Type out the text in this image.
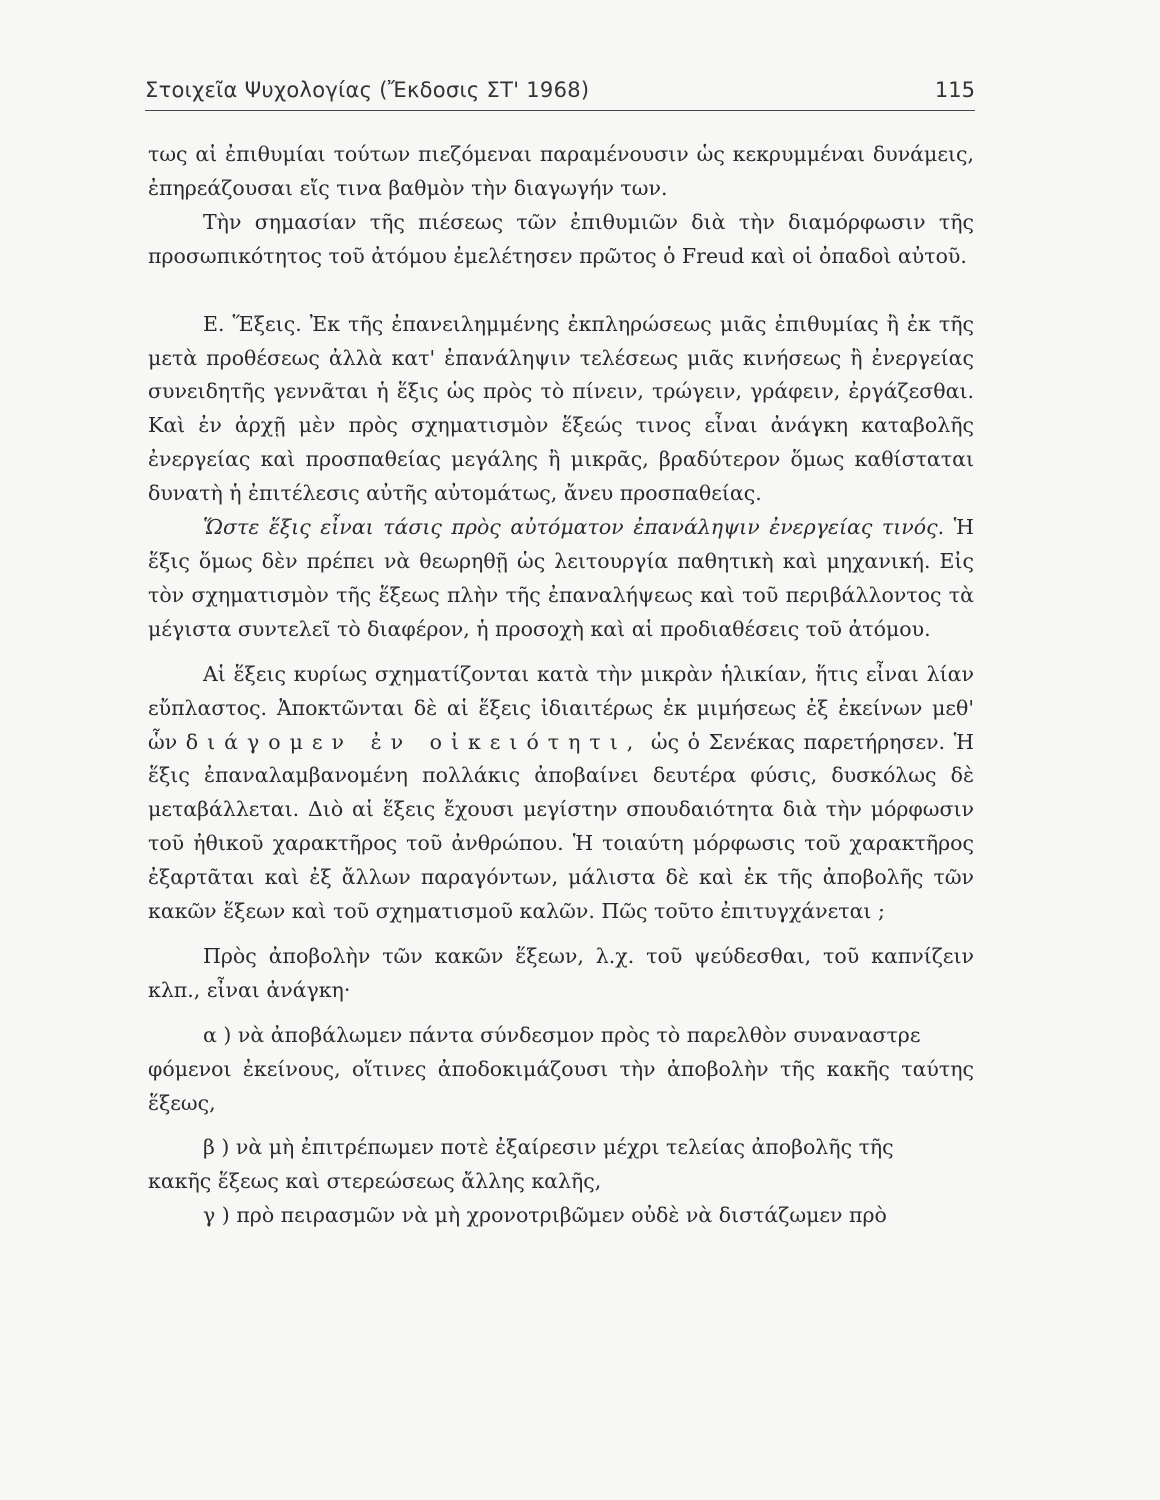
Στοιχεῖα Ψυχολογίας (Ἔκδοσις ΣΤ' 1968)	115

τως αἱ ἐπιθυμίαι τούτων πιεζόμεναι παραμένουσιν ὡς κεκρυμμέναι δυνάμεις, ἐπηρεάζουσαι εἴς τινα βαθμὸν τὴν διαγωγήν των.

Τὴν σημασίαν τῆς πιέσεως τῶν ἐπιθυμιῶν διὰ τὴν διαμόρφωσιν τῆς προσωπικότητος τοῦ ἀτόμου ἐμελέτησεν πρῶτος ὁ Freud καὶ οἱ ὀπαδοὶ αὐτοῦ.

Ε. Ἕξεις. Ἐκ τῆς ἐπανειλημμένης ἐκπληρώσεως μιᾶς ἐπιθυμίας ἢ ἐκ τῆς μετὰ προθέσεως ἀλλὰ κατ' ἐπανάληψιν τελέσεως μιᾶς κινήσεως ἢ ἐνεργείας συνειδητῆς γεννᾶται ἡ ἕξις ὡς πρὸς τὸ πίνειν, τρώγειν, γράφειν, ἐργάζεσθαι. Καὶ ἐν ἀρχῇ μὲν πρὸς σχηματισμὸν ἕξεώς τινος εἶναι ἀνάγκη καταβολῆς ἐνεργείας καὶ προσπαθείας μεγάλης ἢ μικρᾶς, βραδύτερον ὅμως καθίσταται δυνατὴ ἡ ἐπιτέλεσις αὐτῆς αὐτομάτως, ἄνευ προσπαθείας.

Ὥστε ἕξις εἶναι τάσις πρὸς αὐτόματον ἐπανάληψιν ἐνεργείας τινός. Ἡ ἕξις ὅμως δὲν πρέπει νὰ θεωρηθῇ ὡς λειτουργία παθητικὴ καὶ μηχανική. Εἰς τὸν σχηματισμὸν τῆς ἕξεως πλὴν τῆς ἐπαναλήψεως καὶ τοῦ περιβάλλοντος τὰ μέγιστα συντελεῖ τὸ διαφέρον, ἡ προσοχὴ καὶ αἱ προδιαθέσεις τοῦ ἀτόμου.

Αἱ ἕξεις κυρίως σχηματίζονται κατὰ τὴν μικρὰν ἡλικίαν, ἥτις εἶναι λίαν εὔπλαστος. Ἀποκτῶνται δὲ αἱ ἕξεις ἰδιαιτέρως ἐκ μιμήσεως ἐξ ἐκείνων μεθ' ὧν διάγομεν ἐν οἰκειότητι, ὡς ὁ Σενέκας παρετήρησεν. Ἡ ἕξις ἐπαναλαμβανομένη πολλάκις ἀποβαίνει δευτέρα φύσις, δυσκόλως δὲ μεταβάλλεται. Διὸ αἱ ἕξεις ἔχουσι μεγίστην σπουδαιότητα διὰ τὴν μόρφωσιν τοῦ ἠθικοῦ χαρακτῆρος τοῦ ἀνθρώπου. Ἡ τοιαύτη μόρφωσις τοῦ χαρακτῆρος ἐξαρτᾶται καὶ ἐξ ἄλλων παραγόντων, μάλιστα δὲ καὶ ἐκ τῆς ἀποβολῆς τῶν κακῶν ἕξεων καὶ τοῦ σχηματισμοῦ καλῶν. Πῶς τοῦτο ἐπιτυγχάνεται ;

Πρὸς ἀποβολὴν τῶν κακῶν ἕξεων, λ.χ. τοῦ ψεύδεσθαι, τοῦ καπνίζειν κλπ., εἶναι ἀνάγκη·

α ) νὰ ἀποβάλωμεν πάντα σύνδεσμον πρὸς τὸ παρελθὸν συναναστρε

φόμενοι ἐκείνους, οἵτινες ἀποδοκιμάζουσι τὴν ἀποβολὴν τῆς κακῆς ταύτης ἕξεως,

β ) νὰ μὴ ἐπιτρέπωμεν ποτὲ ἐξαίρεσιν μέχρι τελείας ἀποβολῆς τῆς

κακῆς ἕξεως καὶ στερεώσεως ἄλλης καλῆς,

γ ) πρὸ πειρασμῶν νὰ μὴ χρονοτριβῶμεν οὐδὲ νὰ διστάζωμεν πρὸ
